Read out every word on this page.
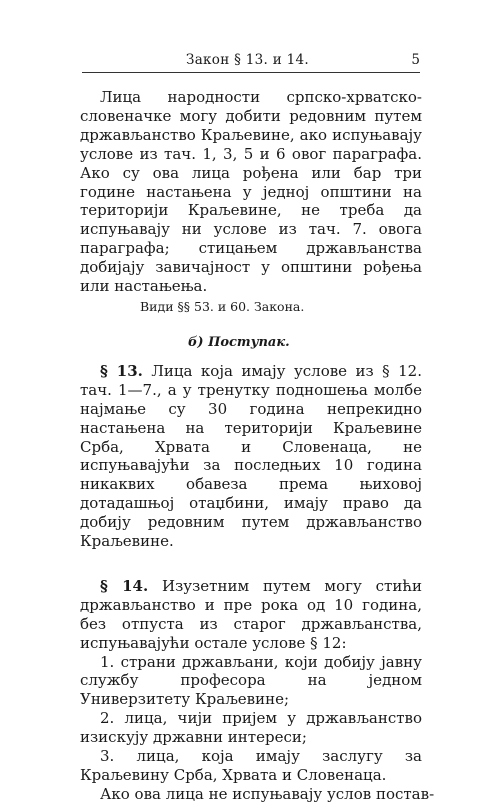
Закон § 13. и 14.	5

Лица народности српско-хрватско-словеначке могу добити редовним путем држављанство Краљевине, ако испуњавају услове из тач. 1, 3, 5 и 6 овог параграфа. Ако су ова лица рођена или бар три године настањена у једној општини на територији Краљевине, не треба да испуњавају ни услове из тач. 7. овога параграфа; стицањем држављанства добијају завичајност у општини рођења или настањења.

Види §§ 53. и 60. Закона.

б) Поступак.

§ 13. Лица која имају услове из § 12. тач. 1—7., а у тренутку подношења молбе најмање су 30 година непрекидно настањена на територији Краљевине Срба, Хрвата и Словенаца, не испуњавајући за последњих 10 година никаквих обавеза према њиховој дотадашњој отаџбини, имају право да добију редовним путем држављанство Краљевине.

§ 14. Изузетним путем могу стићи држављанство и пре рока од 10 година, без отпуста из старог држављанства, испуњавајући остале услове § 12:

1. страни држављани, који добију јавну службу професора на једном Универзитету Краљевине;

2. лица, чији пријем у држављанство изискују државни интереси;

3. лица, која имају заслугу за Краљевину Срба, Хрвата и Словенаца.

Ако ова лица не испуњавају услов постав-
